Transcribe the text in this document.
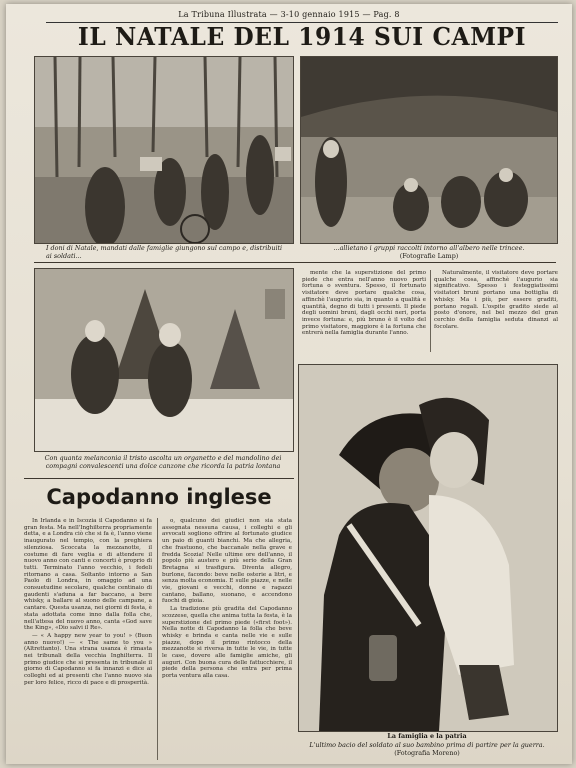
La Tribuna Illustrata — 3-10 gennaio 1915 — Pag. 8
IL NATALE DEL 1914 SUI CAMPI
I doni di Natale, mandati dalle famiglie giungono sul campo e, distribuiti ai soldati...
...allietano i gruppi raccolti intorno all'albero nelle trincee.
(Fotografie Lamp)
Con quanta melanconia il tristo ascolta un organetto e del mandolino dei compagni convalescenti una dolce canzone che ricorda la patria lontana

mente che la superstizione del primo piede che entra nell'anno nuovo porti fortuna o sventura. Spesso, il fortunato visitatore deve portare qualche cosa, affinchè l'augurio sia, in quanto a qualità e quantità, degno di tutti i presenti. Il piede degli uomini bruni, dagli occhi neri, porta invece fortuna: e, più bruno è il volto del primo visitatore, maggiore è la fortuna che entrerà nella famiglia durante l'anno.

Naturalmente, il visitatore deve portare qualche cosa, affinchè l'augurio sia significativo. Spesso i festeggiatissimi visitatori bruni portano una bottiglia di whisky. Ma i più, per essere graditi, portano regali. L'ospite gradito siede al posto d'onore, nel bel mezzo del gran cerchio della famiglia seduta dinanzi al focolare.

La famiglia e la patria
L'ultimo bacio del soldato al suo bambino prima di partire per la guerra.
(Fotografia Moreno)
Capodanno inglese

In Irlanda e in Iscozia il Capodanno si fa gran festa. Ma nell'Inghilterra propriamente detta, e a Londra ciò che si fa è, l'anno viene inaugurato nel tempio, con la preghiera silenziosa. Scoccata la mezzanotte, il costume di fare veglia e di attendere il nuovo anno con canti e concerti è proprio di tutti. Terminato l'anno vecchio, i fedeli ritornano a casa. Soltanto intorno a San Paolo di Londra, in omaggio ad una consuetudine secolare, qualche centinaio di gaudenti s'aduna a far baccano, a bere whisky, a ballare al suono delle campane, a cantare. Questa usanza, nei giorni di festa, è stata adottata come inno dalla folla che, nell'attesa del nuovo anno, canta «God save the King», «Dio salvi il Re».

— « A happy new year to you! » (Buon anno nuovo!) — « The same to you » (Altrettanto). Una strana usanza è rimasta nei tribunali della vecchia Inghilterra. Il primo giudice che si presenta in tribunale il giorno di Capodanno si fa innanzi e dice ai colleghi ed ai presenti che l'anno nuovo sia per loro felice, ricco di pace e di prosperità.

o, qualcuno dei giudici non sia stata assegnata nessuna causa, i colleghi e gli avvocati sogliono offrire al fortunato giudice un paio di guanti bianchi. Ma che allegria, che frastuono, che baccanale nella grave e fredda Scozia! Nelle ultime ore dell'anno, il popolo più austero e più serio della Gran Bretagna si trasfigura. Diventa allegro, burlone, facondo: beve nelle osterie a litri, e senza molta economia. E sulle piazze, e nelle vie, giovani e vecchi, donne e ragazzi cantano, ballano, suonano, e accendono fuochi di gioia.

La tradizione più gradita del Capodanno scozzese, quella che anima tutta la festa, è la superstizione del primo piede («first foot»). Nella notte di Capodanno la folla che beve whisky e brinda e canta nelle vie e sulle piazze, dopo il primo rintocco della mezzanotte si riversa in tutte le vie, in tutte le case, dovere alle famiglie amiche, gli auguri. Con buona cura delle fattucchiere, il piede della persona che entra per prima porta ventura alla casa.
